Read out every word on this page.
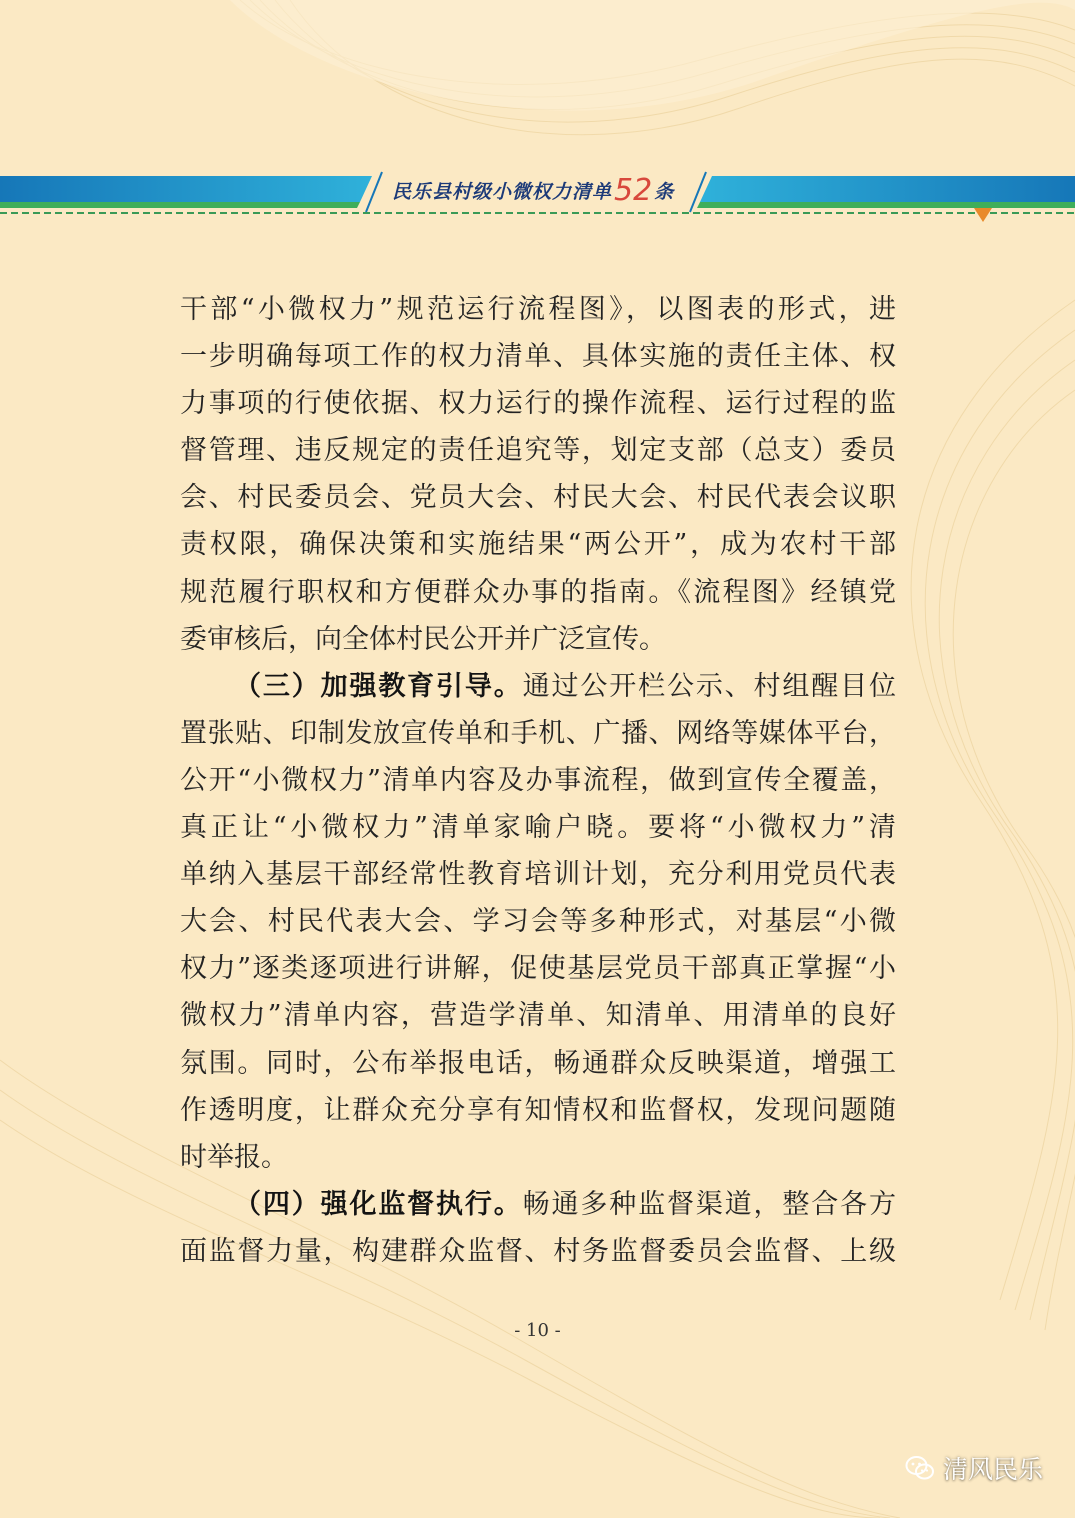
民乐县村级小微权力清单 52 条

干部“小微权力”规范运行流程图》，以图表的形式，进

一步明确每项工作的权力清单、具体实施的责任主体、权

力事项的行使依据、权力运行的操作流程、运行过程的监

督管理、违反规定的责任追究等，划定支部（总支）委员

会、村民委员会、党员大会、村民大会、村民代表会议职

责权限，确保决策和实施结果“两公开”，成为农村干部

规范履行职权和方便群众办事的指南。《流程图》经镇党

委审核后，向全体村民公开并广泛宣传。

（三）加强教育引导。通过公开栏公示、村组醒目位

置张贴、印制发放宣传单和手机、广播、网络等媒体平台，

公开“小微权力”清单内容及办事流程，做到宣传全覆盖，

真正让“小微权力”清单家喻户晓。要将“小微权力”清

单纳入基层干部经常性教育培训计划，充分利用党员代表

大会、村民代表大会、学习会等多种形式，对基层“小微

权力”逐类逐项进行讲解，促使基层党员干部真正掌握“小

微权力”清单内容，营造学清单、知清单、用清单的良好

氛围。同时，公布举报电话，畅通群众反映渠道，增强工

作透明度，让群众充分享有知情权和监督权，发现问题随

时举报。

（四）强化监督执行。畅通多种监督渠道，整合各方

面监督力量，构建群众监督、村务监督委员会监督、上级

- 10 -
清风民乐
